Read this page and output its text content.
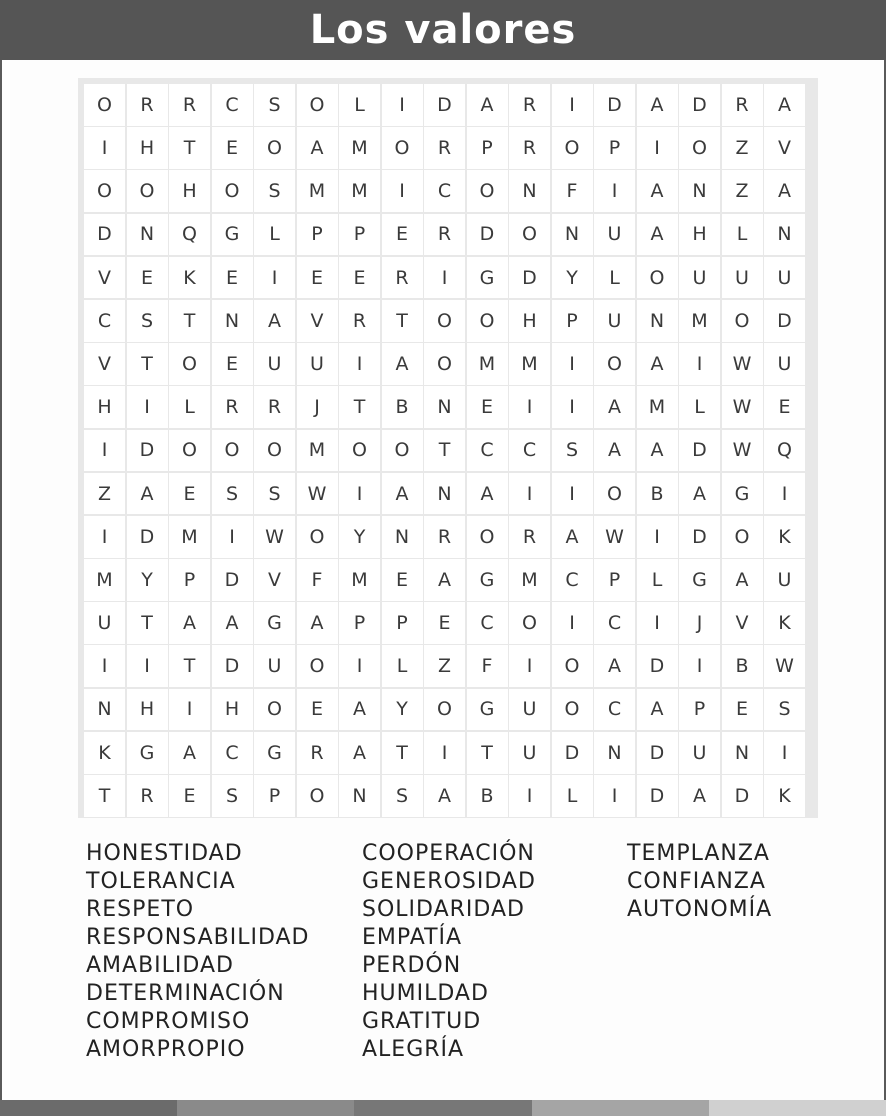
Los valores
O	R	R	C	S	O	L	I	D	A	R	I	D	A	D	R	A
I	H	T	E	O	A	M	O	R	P	R	O	P	I	O	Z	V
O	O	H	O	S	M	M	I	C	O	N	F	I	A	N	Z	A
D	N	Q	G	L	P	P	E	R	D	O	N	U	A	H	L	N
V	E	K	E	I	E	E	R	I	G	D	Y	L	O	U	U	U
C	S	T	N	A	V	R	T	O	O	H	P	U	N	M	O	D
V	T	O	E	U	U	I	A	O	M	M	I	O	A	I	W	U
H	I	L	R	R	J	T	B	N	E	I	I	A	M	L	W	E
I	D	O	O	O	M	O	O	T	C	C	S	A	A	D	W	Q
Z	A	E	S	S	W	I	A	N	A	I	I	O	B	A	G	I
I	D	M	I	W	O	Y	N	R	O	R	A	W	I	D	O	K
M	Y	P	D	V	F	M	E	A	G	M	C	P	L	G	A	U
U	T	A	A	G	A	P	P	E	C	O	I	C	I	J	V	K
I	I	T	D	U	O	I	L	Z	F	I	O	A	D	I	B	W
N	H	I	H	O	E	A	Y	O	G	U	O	C	A	P	E	S
K	G	A	C	G	R	A	T	I	T	U	D	N	D	U	N	I
T	R	E	S	P	O	N	S	A	B	I	L	I	D	A	D	K
HONESTIDAD
TOLERANCIA
RESPETO
RESPONSABILIDAD
AMABILIDAD
DETERMINACIÓN
COMPROMISO
AMORPROPIO
COOPERACIÓN
GENEROSIDAD
SOLIDARIDAD
EMPATÍA
PERDÓN
HUMILDAD
GRATITUD
ALEGRÍA
TEMPLANZA
CONFIANZA
AUTONOMÍA
